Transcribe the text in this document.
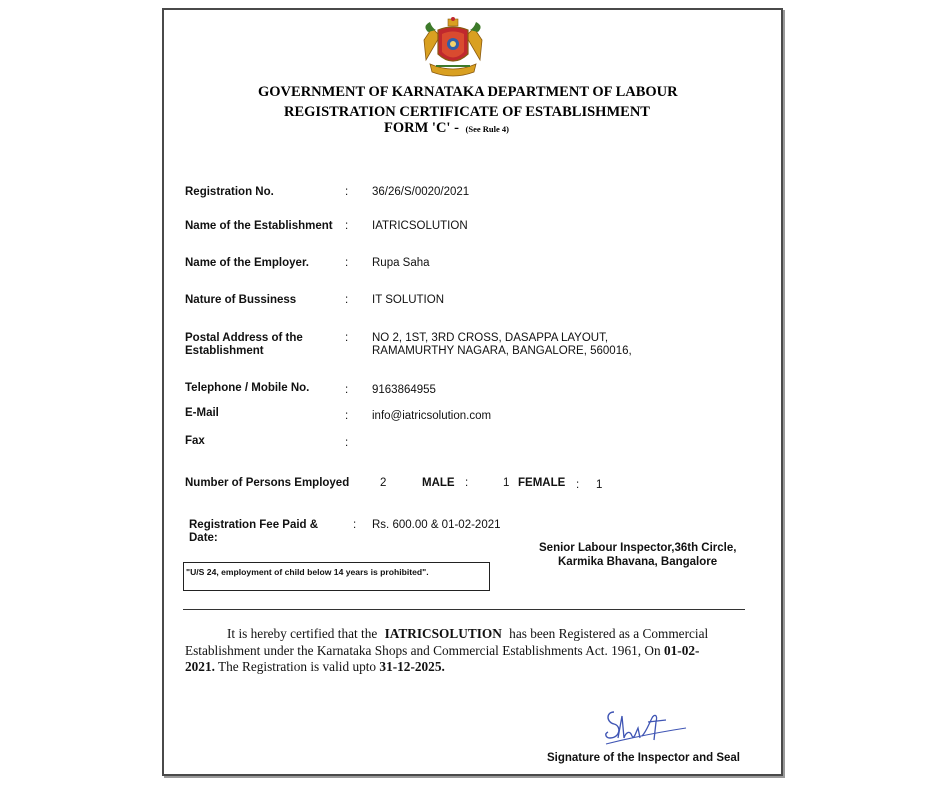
GOVERNMENT OF KARNATAKA DEPARTMENT OF LABOUR
REGISTRATION CERTIFICATE OF ESTABLISHMENT
FORM 'C' - (See Rule 4)
Registration No.	: 36/26/S/0020/2021
Name of the Establishment : IATRICSOLUTION
Name of the Employer.	: Rupa Saha
Nature of Bussiness	: IT SOLUTION
Postal Address of the
Establishment
: NO 2, 1ST, 3RD CROSS, DASAPPA LAYOUT,
RAMAMURTHY NAGARA, BANGALORE, 560016,
Telephone / Mobile No.	: 9163864955
E-Mail	: info@iatricsolution.com
Fax	:
Number of Persons Employed	2	MALE :	1 FEMALE : 1
Registration Fee Paid &
Date:
: Rs. 600.00 & 01-02-2021
Senior Labour Inspector,36th Circle,
Karmika Bhavana, Bangalore
"U/S 24, employment of child below 14 years is prohibited".
It is hereby certified that the IATRICSOLUTION has been Registered as a Commercial
Establishment under the Karnataka Shops and Commercial Establishments Act. 1961, On 01-02-
2021. The Registration is valid upto 31-12-2025.
Signature of the Inspector and Seal
